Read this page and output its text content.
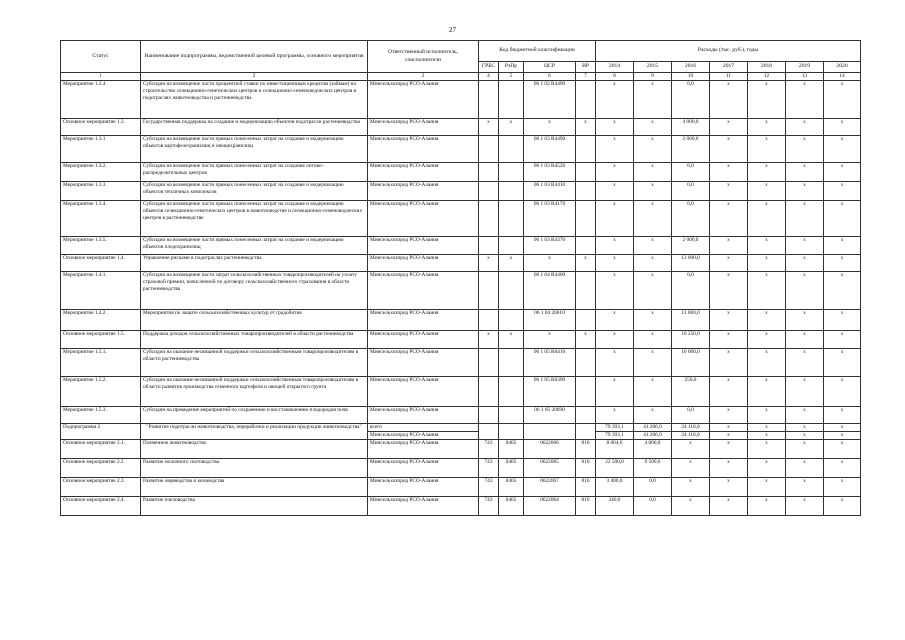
27
Статус	Наименование подпрограммы, ведомственной целевой программы, основного мероприятия	Ответственный исполнитель, соисполнители	Код бюджетной классификации				Расходы (тыс. руб.), годы						
			ГРБС	РзПр	ЦСР	ВР	2014	2015	2016	2017	2018	2019	2020
1	2	3	4	5	6	7	8	9	10	11	12	13	14
Мероприятие 1.2.4	Субсидии на возмещение части процентной ставки по инвестиционным кредитам (займам) на строительство селекционно-генетических центров и селекционно-семеноводческих центров в подотраслях животноводства и растениеводства	Минсельхозпрод РСО-Алания			06 1 02 R4490		x	x	0,0	x	x	x	x
Основное мероприятие 1.3.	Государственная поддержка на создание и модернизацию объектов подотрасли растениеводства	Минсельхозпрод РСО-Алания	x	x	x	x	x	x	4 000,0	x	x	x	x
Мероприятие 1.3.1	Субсидии на возмещение части прямых понесенных затрат на создание и модернизацию объектов картофелехранилищ и овощехранилищ	Минсельхозпрод РСО-Алания			06 1 03 R4490		x	x	2 000,0	x	x	x	x
Мероприятие 1.3.2.	Субсидии на возмещение части прямых понесенных затрат на создание оптово-распределительных центров	Минсельхозпрод РСО-Алания			06 1 03 R4520		x	x	0,0	x	x	x	x
Мероприятие 1.3.3.	Субсидии на возмещение части прямых понесенных затрат на создание и модернизацию объектов тепличных комплексов	Минсельхозпрод РСО-Алания			06 1 03 R4410		x	x	0,0	x	x	x	x
Мероприятие 1.3.4.	Субсидии на возмещение части прямых понесенных затрат на создание и модернизацию объектов селекционно-генетических центров в животноводстве и селекционно-семеноводческих центров в растениеводстве	Минсельхозпрод РСО-Алания			06 1 03 R4170		x	x	0,0	x	x	x	x
Мероприятие 1.3.5.	Субсидии на возмещение части прямых понесенных затрат на создание и модернизацию объектов плодохранилищ	Минсельхозпрод РСО-Алания			06 1 03 R4370		x	x	2 000,0	x	x	x	x
Основное мероприятие 1.4.	Управление рисками в подотраслях растениеводства	Минсельхозпрод РСО-Алания	x	x	x	x	x	x	13 000,0	x	x	x	x
Мероприятие 1.4.1.	Субсидии на возмещение части затрат сельскохозяйственных товаропроизводителей на уплату страховой премии, начисленной по договору сельскохозяйственного страхования в области растениеводства	Минсельхозпрод РСО-Алания			06 1 04 R4400		x	x	0,0	x	x	x	x
Мероприятие 1.4.2.	Мероприятия по защите сельскохозяйственных культур от градобития	Минсельхозпрод РСО-Алания			06 1 04 20610		x	x	13 000,0	x	x	x	x
Основное мероприятие 1.5.	Поддержка доходов сельскохозяйственных товаропроизводителей в области растениеводства	Минсельхозпрод РСО-Алания	x	x	x	x	x	x	10 250,0	x	x	x	x
Мероприятие 1.5.1.	Субсидии на оказание несвязанной поддержки сельскохозяйственным товаропроизводителям в области растениеводства	Минсельхозпрод РСО-Алания			06 1 05 R0410		x	x	10 000,0	x	x	x	x
Мероприятие 1.5.2.	Субсидии на оказание несвязанной поддержки сельскохозяйственным товаропроизводителям в области развития производства семенного картофеля и овощей открытого грунта	Минсельхозпрод РСО-Алания			06 1 05 R0390		x	x	250,0	x	x	x	x
Мероприятие 1.5.3.	Субсидии на проведение мероприятий по сохранению и восстановлению плодородия почв	Минсельхозпрод РСО-Алания			06 1 05 20690		x	x	0,0	x	x	x	x
Подпрограмма 2	"Развитие подотрасли животноводства, переработки и реализации продукции животноводства"	всего					79 393,1	41 206,9	24 110,0	x	x	x	x
		Минсельхозпрод РСО-Алания					79 393,1	41 206,9	24 110,0	x	x	x	x
Основное мероприятие 2.1.	Племенное животноводство	Минсельхозпрод РСО-Алания	743	0405	0622066	810	8 064,0	4 000,0	x	x	x	x	x
Основное мероприятие 2.2.	Развитие молочного скотоводства	Минсельхозпрод РСО-Алания	743	0405	0622065	810	22 500,0	9 500,0	x	x	x	x	x
Основное мероприятие 2.3.	Развитие овцеводства и козоводства	Минсельхозпрод РСО-Алания	743	0405	0622067	810	3 400,0	0,0	x	x	x	x	x
Основное мероприятие 2.4.	Развитие пчеловодства	Минсельхозпрод РСО-Алания	743	0405	0622064	810	340,0	0,0	x	x	x	x	x
